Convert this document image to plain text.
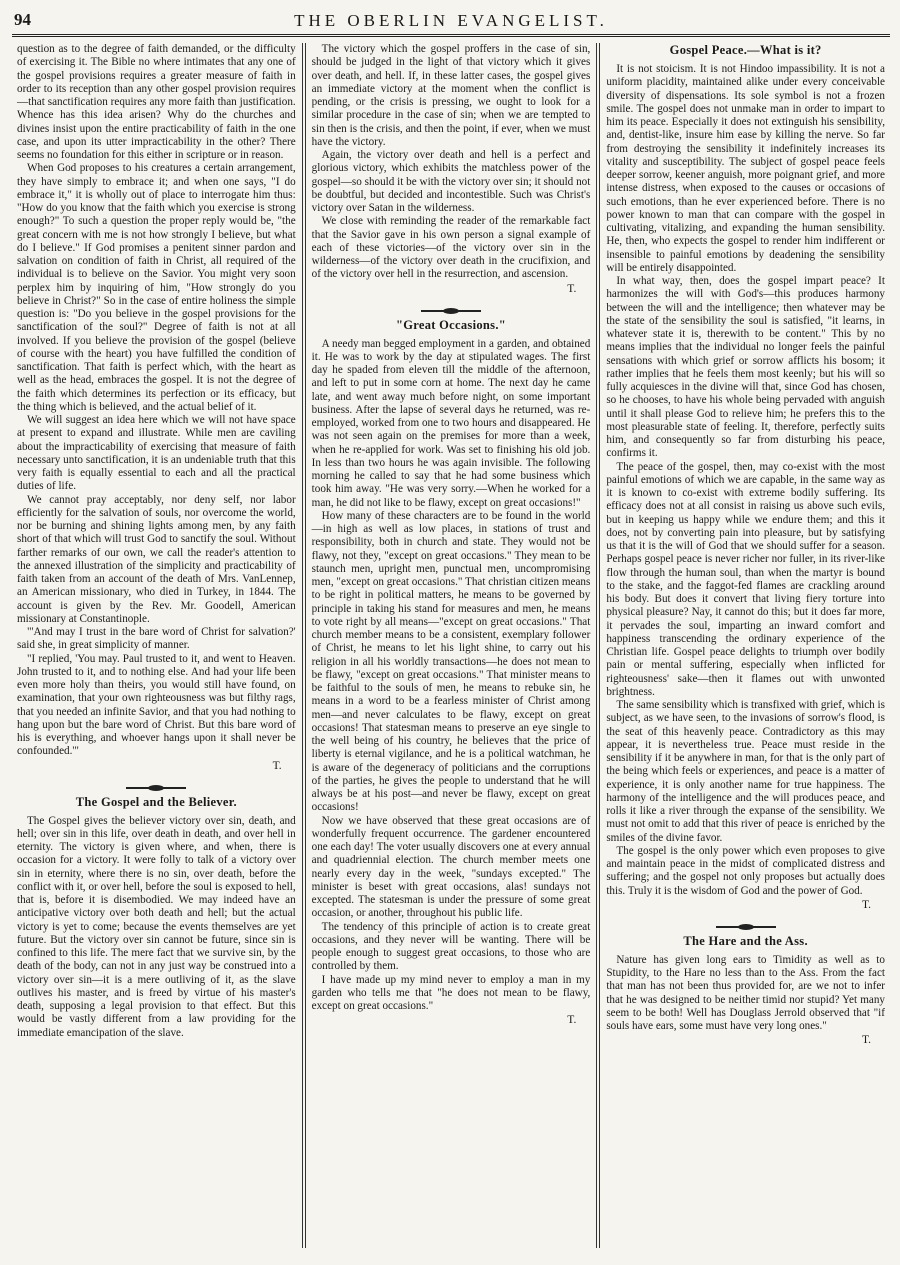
94	THE OBERLIN EVANGELIST.

question as to the degree of faith demanded, or the difficulty of exercising it. The Bible no where intimates that any one of the gospel provisions requires a greater measure of faith in order to its reception than any other gospel provision requires—that sanctification requires any more faith than justification. Whence has this idea arisen? Why do the churches and divines insist upon the entire practicability of faith in the one case, and upon its utter impracticability in the other? There seems no foundation for this either in scripture or in reason.

When God proposes to his creatures a certain arrangement, they have simply to embrace it; and when one says, "I do embrace it," it is wholly out of place to interrogate him thus: "How do you know that the faith which you exercise is strong enough?" To such a question the proper reply would be, "the great concern with me is not how strongly I believe, but what do I believe." If God promises a penitent sinner pardon and salvation on condition of faith in Christ, all required of the individual is to believe on the Savior. You might very soon perplex him by inquiring of him, "How strongly do you believe in Christ?" So in the case of entire holiness the simple question is: "Do you believe in the gospel provisions for the sanctification of the soul?" Degree of faith is not at all involved. If you believe the provision of the gospel (believe of course with the heart) you have fulfilled the condition of sanctification. That faith is perfect which, with the heart as well as the head, embraces the gospel. It is not the degree of the faith which determines its perfection or its efficacy, but the thing which is believed, and the actual belief of it.

We will suggest an idea here which we will not have space at present to expand and illustrate. While men are caviling about the impracticability of exercising that measure of faith necessary unto sanctification, it is an undeniable truth that this very faith is equally essential to each and all the practical duties of life.

We cannot pray acceptably, nor deny self, nor labor efficiently for the salvation of souls, nor overcome the world, nor be burning and shining lights among men, by any faith short of that which will trust God to sanctify the soul. Without farther remarks of our own, we call the reader's attention to the annexed illustration of the simplicity and practicability of faith taken from an account of the death of Mrs. VanLennep, an American missionary, who died in Turkey, in 1844. The account is given by the Rev. Mr. Goodell, American missionary at Constantinople.

"'And may I trust in the bare word of Christ for salvation?' said she, in great simplicity of manner.

"I replied, 'You may. Paul trusted to it, and went to Heaven. John trusted to it, and to nothing else. And had your life been even more holy than theirs, you would still have found, on examination, that your own righteousness was but filthy rags, that you needed an infinite Savior, and that you had nothing to hang upon but the bare word of Christ. But this bare word of his is everything, and whoever hangs upon it shall never be confounded.'"

T.
The Gospel and the Believer.

The Gospel gives the believer victory over sin, death, and hell; over sin in this life, over death in death, and over hell in eternity. The victory is given where, and when, there is occasion for a victory. It were folly to talk of a victory over sin in eternity, where there is no sin, over death, before the conflict with it, or over hell, before the soul is exposed to hell, that is, before it is disembodied. We may indeed have an anticipative victory over both death and hell; but the actual victory is yet to come; because the events themselves are yet future. But the victory over sin cannot be future, since sin is confined to this life. The mere fact that we survive sin, by the death of the body, can not in any just way be construed into a victory over sin—it is a mere outliving of it, as the slave outlives his master, and is freed by virtue of his master's death, supposing a legal provision to that effect. But this would be vastly different from a law providing for the immediate emancipation of the slave.

The victory which the gospel proffers in the case of sin, should be judged in the light of that victory which it gives over death, and hell. If, in these latter cases, the gospel gives an immediate victory at the moment when the conflict is pending, or the crisis is pressing, we ought to look for a similar procedure in the case of sin; when we are tempted to sin then is the crisis, and then the point, if ever, when we must have the victory.

Again, the victory over death and hell is a perfect and glorious victory, which exhibits the matchless power of the gospel—so should it be with the victory over sin; it should not be doubtful, but decided and incontestible. Such was Christ's victory over Satan in the wilderness.

We close with reminding the reader of the remarkable fact that the Savior gave in his own person a signal example of each of these victories—of the victory over sin in the wilderness—of the victory over death in the crucifixion, and of the victory over hell in the resurrection, and ascension.

T.
"Great Occasions."

A needy man begged employment in a garden, and obtained it. He was to work by the day at stipulated wages. The first day he spaded from eleven till the middle of the afternoon, and left to put in some corn at home. The next day he came late, and went away much before night, on some important business. After the lapse of several days he returned, was re-employed, worked from one to two hours and disappeared. He was not seen again on the premises for more than a week, when he re-applied for work. Was set to finishing his old job. In less than two hours he was again invisible. The following morning he called to say that he had some business which took him away. "He was very sorry.—When he worked for a man, he did not like to be flawy, except on great occasions!"

How many of these characters are to be found in the world—in high as well as low places, in stations of trust and responsibility, both in church and state. They would not be flawy, not they, "except on great occasions." They mean to be staunch men, upright men, punctual men, uncompromising men, "except on great occasions." That christian citizen means to be right in political matters, he means to be governed by principle in taking his stand for measures and men, he means to vote right by all means—"except on great occasions." That church member means to be a consistent, exemplary follower of Christ, he means to let his light shine, to carry out his religion in all his worldly transactions—he does not mean to be flawy, "except on great occasions." That minister means to be faithful to the souls of men, he means to rebuke sin, he means in a word to be a fearless minister of Christ among men—and never calculates to be flawy, except on great occasions! That statesman means to preserve an eye single to the well being of his country, he believes that the price of liberty is eternal vigilance, and he is a political watchman, he is aware of the degeneracy of politicians and the corruptions of the parties, he gives the people to understand that he will always be at his post—and never be flawy, except on great occasions!

Now we have observed that these great occasions are of wonderfully frequent occurrence. The gardener encountered one each day! The voter usually discovers one at every annual and quadriennial election. The church member meets one nearly every day in the week, "sundays excepted." The minister is beset with great occasions, alas! sundays not excepted. The statesman is under the pressure of some great occasion, or another, throughout his public life.

The tendency of this principle of action is to create great occasions, and they never will be wanting. There will be people enough to suggest great occasions, to those who are controlled by them.

I have made up my mind never to employ a man in my garden who tells me that "he does not mean to be flawy, except on great occasions."

T.
Gospel Peace.—What is it?

It is not stoicism. It is not Hindoo impassibility. It is not a uniform placidity, maintained alike under every conceivable diversity of dispensations. Its sole symbol is not a frozen smile. The gospel does not unmake man in order to impart to him its peace. Especially it does not extinguish his sensibility, and, dentist-like, insure him ease by killing the nerve. So far from destroying the sensibility it indefinitely increases its vitality and susceptibility. The subject of gospel peace feels deeper sorrow, keener anguish, more poignant grief, and more intense distress, when exposed to the causes or occasions of such emotions, than he ever experienced before. There is no power known to man that can compare with the gospel in cultivating, vitalizing, and expanding the human sensibility. He, then, who expects the gospel to render him indifferent or insensible to painful emotions by deadening the sensibility will be entirely disappointed.

In what way, then, does the gospel impart peace? It harmonizes the will with God's—this produces harmony between the will and the intelligence; then whatever may be the state of the sensibility the soul is satisfied, "it learns, in whatever state it is, therewith to be content." This by no means implies that the individual no longer feels the painful sensations with which grief or sorrow afflicts his bosom; it rather implies that he feels them most keenly; but his will so fully acquiesces in the divine will that, since God has chosen, so he chooses, to have his whole being pervaded with anguish until it shall please God to relieve him; he prefers this to the most pleasurable state of feeling. It, therefore, perfectly suits him, and consequently so far from disturbing his peace, confirms it.

The peace of the gospel, then, may co-exist with the most painful emotions of which we are capable, in the same way as it is known to co-exist with extreme bodily suffering. Its efficacy does not at all consist in raising us above such evils, but in keeping us happy while we endure them; and this it does, not by converting pain into pleasure, but by satisfying us that it is the will of God that we should suffer for a season. Perhaps gospel peace is never richer nor fuller, in its river-like flow through the human soul, than when the martyr is bound to the stake, and the faggot-fed flames are crackling around his body. But does it convert that living fiery torture into physical pleasure? Nay, it cannot do this; but it does far more, it pervades the soul, imparting an inward comfort and happiness transcending the ordinary experience of the Christian life. Gospel peace delights to triumph over bodily pain or mental suffering, especially when inflicted for righteousness' sake—then it flames out with unwonted brightness.

The same sensibility which is transfixed with grief, which is subject, as we have seen, to the invasions of sorrow's flood, is the seat of this heavenly peace. Contradictory as this may appear, it is nevertheless true. Peace must reside in the sensibility if it be anywhere in man, for that is the only part of the being which feels or experiences, and peace is a matter of experience, it is only another name for true happiness. The harmony of the intelligence and the will produces peace, and rolls it like a river through the expanse of the sensibility. We must not omit to add that this river of peace is enriched by the smiles of the divine favor.

The gospel is the only power which even proposes to give and maintain peace in the midst of complicated distress and suffering; and the gospel not only proposes but actually does this. Truly it is the wisdom of God and the power of God.

T.
The Hare and the Ass.

Nature has given long ears to Timidity as well as to Stupidity, to the Hare no less than to the Ass. From the fact that man has not been thus provided for, are we not to infer that he was designed to be neither timid nor stupid? Yet many seem to be both! Well has Douglass Jerrold observed that "if souls have ears, some must have very long ones."

T.
